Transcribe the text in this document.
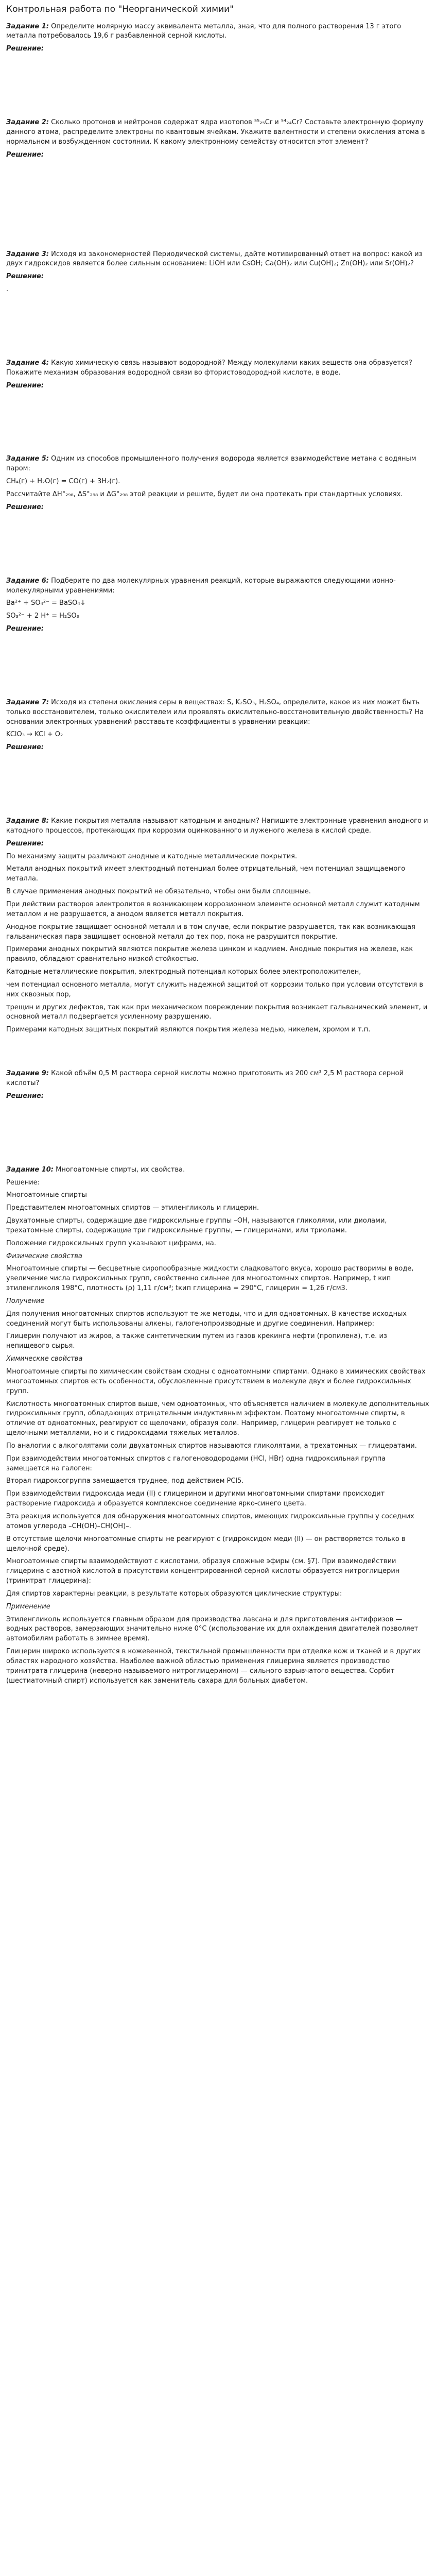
Контрольная работа по "Неорганической химии"

Задание 1: Определите молярную массу эквивалента металла, зная, что для полного растворения 13 г этого металла потребовалось 19,6 г разбавленной серной кислоты.

Решение:

Задание 2: Сколько протонов и нейтронов содержат ядра изотопов ⁵⁵₂₅Cr и ⁵⁴₂₄Cr? Составьте электронную формулу данного атома, распределите электроны по квантовым ячейкам. Укажите валентности и степени окисления атома в нормальном и возбужденном состоянии. К какому электронному семейству относится этот элемент?

Решение:

Задание 3: Исходя из закономерностей Периодической системы, дайте мотивированный ответ на вопрос: какой из двух гидроксидов является более сильным основанием: LiOH или CsOH; Ca(OH)₂ или Cu(OH)₂; Zn(OH)₂ или Sr(OH)₂?

Решение:

.

Задание 4: Какую химическую связь называют водородной? Между молекулами каких веществ она образуется? Покажите механизм образования водородной связи во фтористоводородной кислоте, в воде.

Решение:

Задание 5: Одним из способов промышленного получения водорода является взаимодействие метана с водяным паром:

CH₄(г) + H₂O(г) = CO(г) + 3H₂(г).

Рассчитайте ΔH°₂₉₈, ΔS°₂₉₈ и ΔG°₂₉₈ этой реакции и решите, будет ли она протекать при стандартных условиях.

Решение:

Задание 6: Подберите по два молекулярных уравнения реакций, которые выражаются следующими ионно-молекулярными уравнениями:

Ba²⁺ + SO₄²⁻ = BaSO₄↓

SO₃²⁻ + 2 H⁺ = H₂SO₃

Решение:

Задание 7: Исходя из степени окисления серы в веществах: S, K₂SO₃, H₂SO₄, определите, какое из них может быть только восстановителем, только окислителем или проявлять окислительно-восстановительную двойственность? На основании электронных уравнений расставьте коэффициенты в уравнении реакции:

KClO₃ → KCl + O₂

Решение:

Задание 8: Какие покрытия металла называют катодным и анодным? Напишите электронные уравнения анодного и катодного процессов, протекающих при коррозии оцинкованного и луженого железа в кислой среде.

Решение:

По механизму защиты различают анодные и катодные металлические покрытия.

Металл анодных покрытий имеет электродный потенциал более отрицательный, чем потенциал защищаемого металла.

В случае применения анодных покрытий не обязательно, чтобы они были сплошные.

При действии растворов электролитов в возникающем коррозионном элементе основной металл служит катодным металлом и не разрушается, а анодом является металл покрытия.

Анодное покрытие защищает основной металл и в том случае, если покрытие разрушается, так как возникающая гальваническая пара защищает основной металл до тех пор, пока не разрушится покрытие.

Примерами анодных покрытий являются покрытие железа цинком и кадмием. Анодные покрытия на железе, как правило, обладают сравнительно низкой стойкостью.

Катодные металлические покрытия, электродный потенциал которых более электроположителен,

чем потенциал основного металла, могут служить надежной защитой от коррозии только при условии отсутствия в них сквозных пор,

трещин и других дефектов, так как при механическом повреждении покрытия возникает гальванический элемент, и основной металл подвергается усиленному разрушению.

Примерами катодных защитных покрытий являются покрытия железа медью, никелем, хромом и т.п.

Задание 9: Какой объём 0,5 М раствора серной кислоты можно приготовить из 200 см³ 2,5 М раствора серной кислоты?

Решение:

Задание 10: Многоатомные спирты, их свойства.

Решение:

Многоатомные спирты

Представителем многоатомных спиртов — этиленгликоль и глицерин.

Двухатомные спирты, содержащие две гидроксильные группы –OH, называются гликолями, или диолами, трехатомные спирты, содержащие три гидроксильные группы, — глицеринами, или триолами.

Положение гидроксильных групп указывают цифрами, на.

Физические свойства

Многоатомные спирты — бесцветные сиропообразные жидкости сладковатого вкуса, хорошо растворимы в воде, увеличение числа гидроксильных групп, свойственно сильнее для многоатомных спиртов. Например, t кип этиленгликоля 198°С, плотность (ρ) 1,11 г/см³; tкип глицерина = 290°С, глицерин = 1,26 г/см3.

Получение

Для получения многоатомных спиртов используют те же методы, что и для одноатомных. В качестве исходных соединений могут быть использованы алкены, галогенопроизводные и другие соединения. Например:

Глицерин получают из жиров, а также синтетическим путем из газов крекинга нефти (пропилена), т.е. из непищевого сырья.

Химические свойства

Многоатомные спирты по химическим свойствам сходны с одноатомными спиртами. Однако в химических свойствах многоатомных спиртов есть особенности, обусловленные присутствием в молекуле двух и более гидроксильных групп.

Кислотность многоатомных спиртов выше, чем одноатомных, что объясняется наличием в молекуле дополнительных гидроксильных групп, обладающих отрицательным индуктивным эффектом. Поэтому многоатомные спирты, в отличие от одноатомных, реагируют со щелочами, образуя соли. Например, глицерин реагирует не только с щелочными металлами, но и с гидроксидами тяжелых металлов.

По аналогии с алкоголятами соли двухатомных спиртов называются гликолятами, а трехатомных — глицератами.

При взаимодействии многоатомных спиртов с галогеноводородами (HCl, HBr) одна гидроксильная группа замещается на галоген:

Вторая гидроксогруппа замещается труднее, под действием PCl5.

При взаимодействии гидроксида меди (II) с глицерином и другими многоатомными спиртами происходит растворение гидроксида и образуется комплексное соединение ярко-синего цвета.

Эта реакция используется для обнаружения многоатомных спиртов, имеющих гидроксильные группы у соседних атомов углерода –CH(OH)–CH(OH)–.

В отсутствие щелочи многоатомные спирты не реагируют с (гидроксидом меди (II) — он растворяется только в щелочной среде).

Многоатомные спирты взаимодействуют с кислотами, образуя сложные эфиры (см. §7). При взаимодействии глицерина с азотной кислотой в присутствии концентрированной серной кислоты образуется нитроглицерин (тринитрат глицерина):

Для спиртов характерны реакции, в результате которых образуются циклические структуры:

Применение

Этиленгликоль используется главным образом для производства лавсана и для приготовления антифризов — водных растворов, замерзающих значительно ниже 0°С (использование их для охлаждения двигателей позволяет автомобилям работать в зимнее время).

Глицерин широко используется в кожевенной, текстильной промышленности при отделке кож и тканей и в других областях народного хозяйства. Наиболее важной областью применения глицерина является производство тринитрата глицерина (неверно называемого нитроглицерином) — сильного взрывчатого вещества. Сорбит (шестиатомный спирт) используется как заменитель сахара для больных диабетом.
